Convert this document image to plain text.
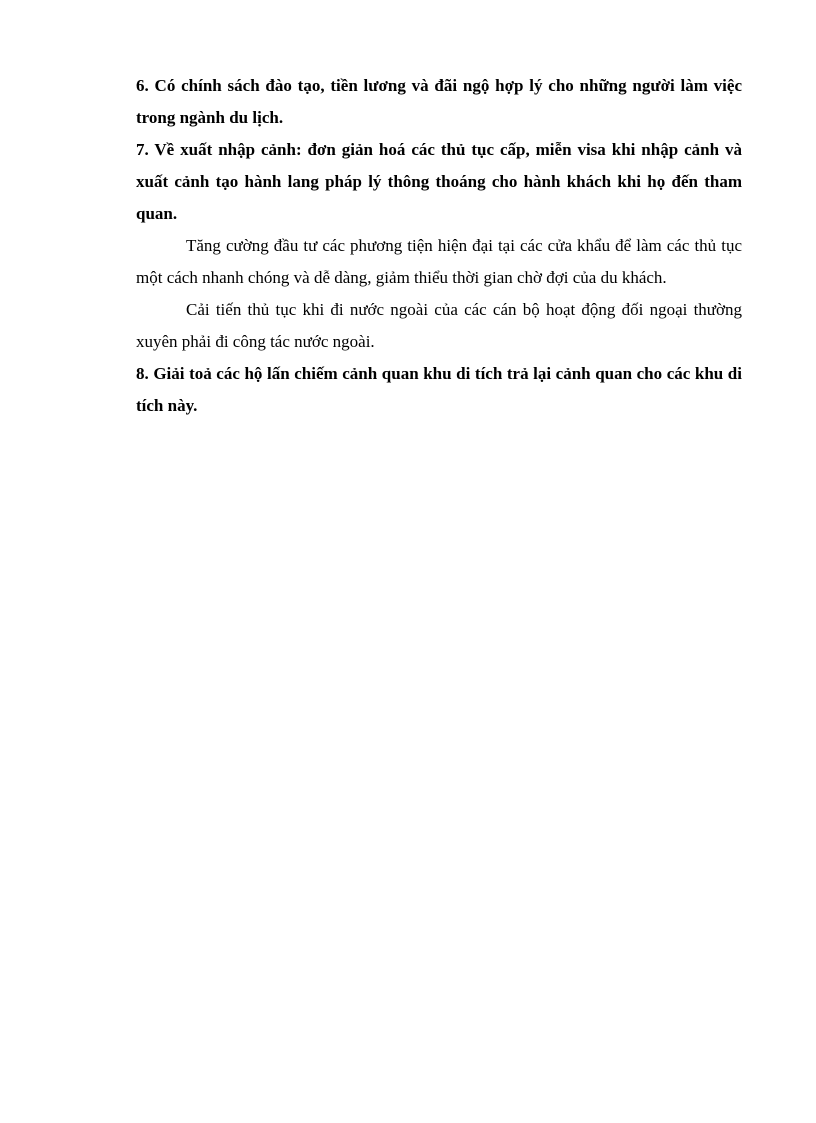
6. Có chính sách đào tạo, tiền lương và đãi ngộ hợp lý cho những người làm việc trong ngành du lịch.

7. Về xuất nhập cảnh: đơn giản hoá các thủ tục cấp, miễn visa khi nhập cảnh và xuất cảnh tạo hành lang pháp lý thông thoáng cho hành khách khi họ đến tham quan.

Tăng cường đầu tư các phương tiện hiện đại tại các cửa khẩu để làm các thủ tục một cách nhanh chóng và dễ dàng, giảm thiểu thời gian chờ đợi của du khách.

Cải tiến thủ tục khi đi nước ngoài của các cán bộ hoạt động đối ngoại thường xuyên phải đi công tác nước ngoài.

8. Giải toả các hộ lấn chiếm cảnh quan khu di tích trả lại cảnh quan cho các khu di tích này.
